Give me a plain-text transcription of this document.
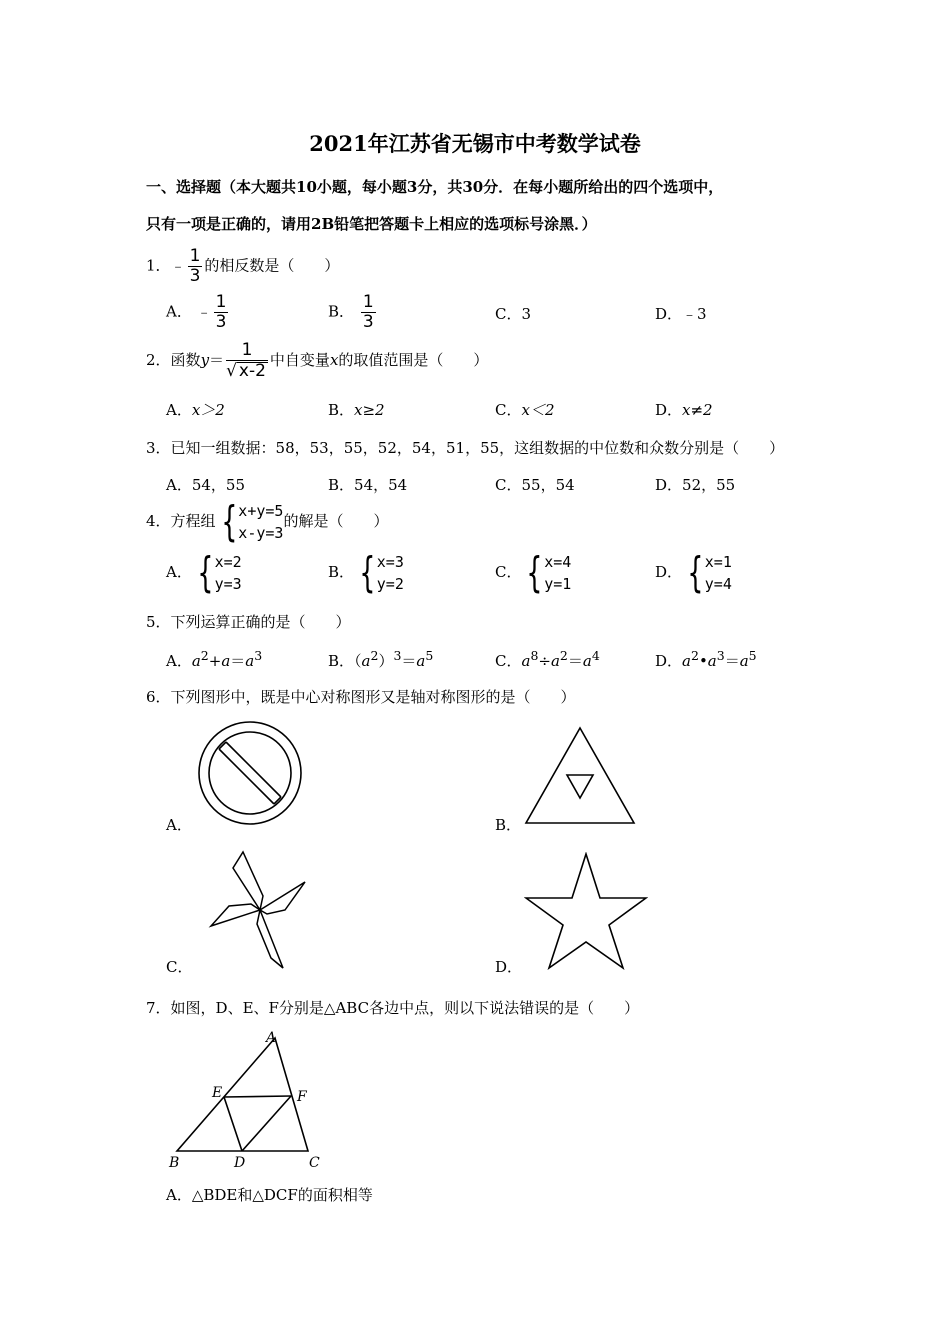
2021年江苏省无锡市中考数学试卷
一、选择题（本大题共10小题，每小题3分，共30分．在每小题所给出的四个选项中，
只有一项是正确的，请用2B铅笔把答题卡上相应的选项标号涂黑．）
1．﹣ $\frac{1}{3}$ 的相反数是（　　）
A． ﹣ $\frac{1}{3}$	B． $\frac{1}{3}$	C．3	D．﹣3
2．函数$y= \frac{1}{√ x-2}$ 中自变量x的取值范围是（　　）
A．x＞2	B．x≥2	C．x＜2	D．x≠2
3．已知一组数据：58，53，55，52，54，51，55，这组数据的中位数和众数分别是（　　）
A．54，55	B．54，54	C．55，54	D．52，55
4．方程组 { x+y=5
x-y=3
的解是（　　）
A． { x=2
y=3
B． { x=3
y=2
C． { x=4
y=1
D． { x=1
y=4
5．下列运算正确的是（　　）
A．$a^2+a=a^3$	B．$(a^2)^3=a^5$	C．$a^8\div a^2=a^4$	D．$a^2•a^3=a^5$
6．下列图形中，既是中心对称图形又是轴对称图形的是（　　）
A．	B．
C．	D．
7．如图，D、E、F分别是△ABC各边中点，则以下说法错误的是（　　）
A
E	F
B	D	C
A．△BDE和△DCF的面积相等
